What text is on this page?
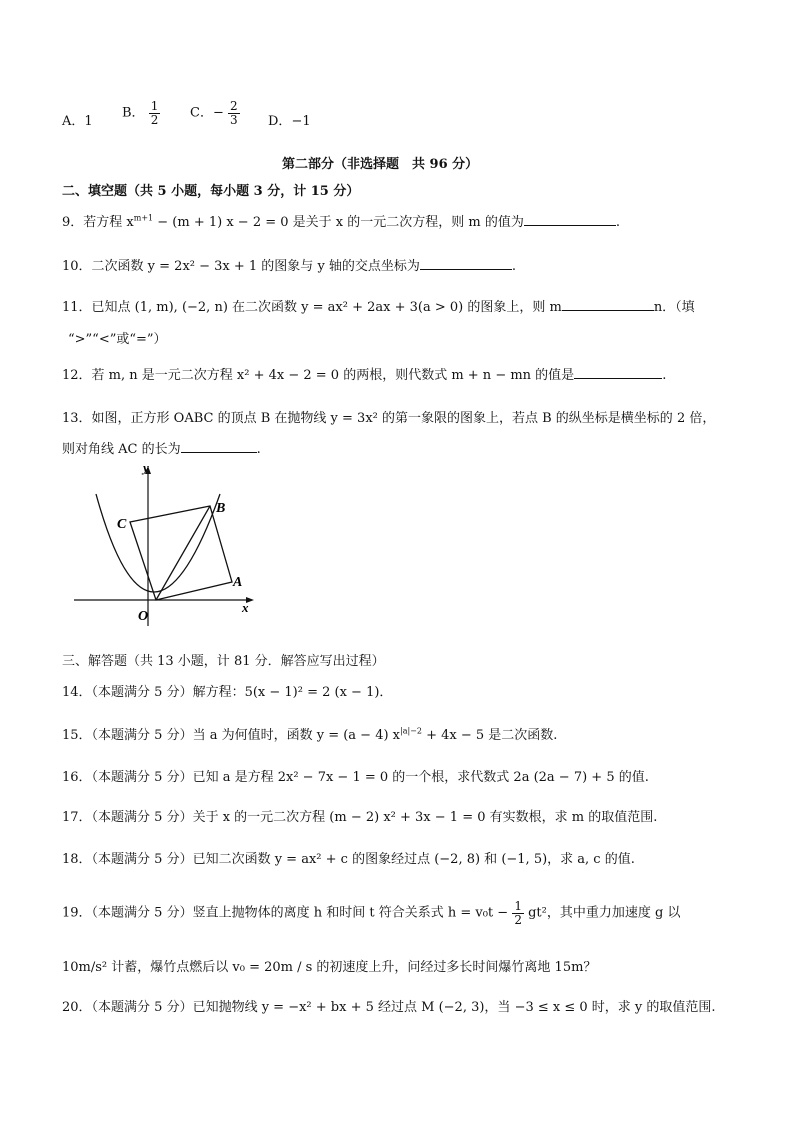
A．1
B． $\frac{1}{2}$ C．− $\frac{2}{3}$ D．−1
第二部分（非选择题　共 96 分）
二、填空题（共 5 小题，每小题 3 分，计 15 分）
9．若方程 $x^{m+1} - (m + 1) x - 2 = 0$ 是关于 x 的一元二次方程，则 m 的值为	.
10．二次函数 y = 2x² − 3x + 1 的图象与 y 轴的交点坐标为	.
11．已知点 (1, m), (−2, n) 在二次函数 y = ax² + 2ax + 3(a > 0) 的图象上，则 m	n．（填
“>”“<”或“=”）
12．若 m, n 是一元二次方程 x² + 4x − 2 = 0 的两根，则代数式 m + n − mn 的值是	.
13．如图，正方形 OABC 的顶点 B 在抛物线 y = 3x² 的第一象限的图象上，若点 B 的纵坐标是横坐标的 2 倍，
则对角线 AC 的长为	.
y
x
O
A
B
C
三、解答题（共 13 小题，计 81 分．解答应写出过程）
14．（本题满分 5 分）解方程：5(x − 1)² = 2 (x − 1)．
15．（本题满分 5 分）当 a 为何值时，函数 y = (a − 4) $x^{|a|-2} + 4x - 5$ 是二次函数.
16．（本题满分 5 分）已知 a 是方程 2x² − 7x − 1 = 0 的一个根，求代数式 2a (2a − 7) + 5 的值.
17．（本题满分 5 分）关于 x 的一元二次方程 (m − 2) x² + 3x − 1 = 0 有实数根，求 m 的取值范围.
18．（本题满分 5 分）已知二次函数 y = ax² + c 的图象经过点 (−2, 8) 和 (−1, 5)，求 a, c 的值.
19．（本题满分 5 分）竖直上抛物体的离度 h 和时间 t 符合关系式 $h = v_0t - \frac{1}{2} gt^2$，其中重力加速度 g 以
10m/s² 计蓄，爆竹点燃后以 v₀ = 20m / s 的初速度上升，问经过多长时间爆竹离地 15m？
20．（本题满分 5 分）已知抛物线 y = −x² + bx + 5 经过点 M (−2, 3)，当 −3 ≤ x ≤ 0 时，求 y 的取值范围.
